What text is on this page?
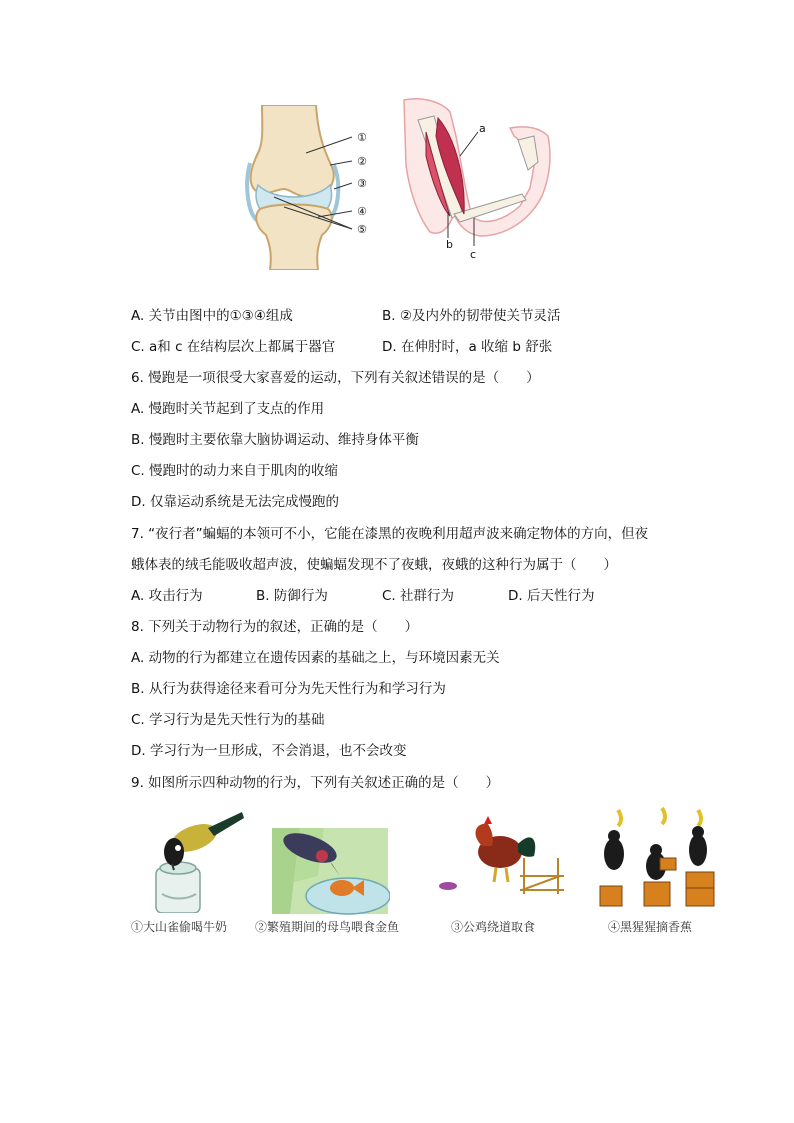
①
②
③
④
⑤
a
b
c
A. 关节由图中的①③④组成	B. ②及内外的韧带使关节灵活
C. a和 c 在结构层次上都属于器官	D. 在伸肘时，a 收缩 b 舒张
6. 慢跑是一项很受大家喜爱的运动，下列有关叙述错误的是（　　）
A. 慢跑时关节起到了支点的作用
B. 慢跑时主要依靠大脑协调运动、维持身体平衡
C. 慢跑时的动力来自于肌肉的收缩
D. 仅靠运动系统是无法完成慢跑的
7. “夜行者”蝙蝠的本领可不小，它能在漆黑的夜晚利用超声波来确定物体的方向，但夜
蛾体表的绒毛能吸收超声波，使蝙蝠发现不了夜蛾，夜蛾的这种行为属于（　　）
A. 攻击行为	B. 防御行为	C. 社群行为	D. 后天性行为
8. 下列关于动物行为的叙述，正确的是（　　）
A. 动物的行为都建立在遗传因素的基础之上，与环境因素无关
B. 从行为获得途径来看可分为先天性行为和学习行为
C. 学习行为是先天性行为的基础
D. 学习行为一旦形成，不会消退，也不会改变
9. 如图所示四种动物的行为，下列有关叙述正确的是（　　）
①大山雀偷喝牛奶 ②繁殖期间的母鸟喂食金鱼	③公鸡绕道取食	④黑猩猩摘香蕉
